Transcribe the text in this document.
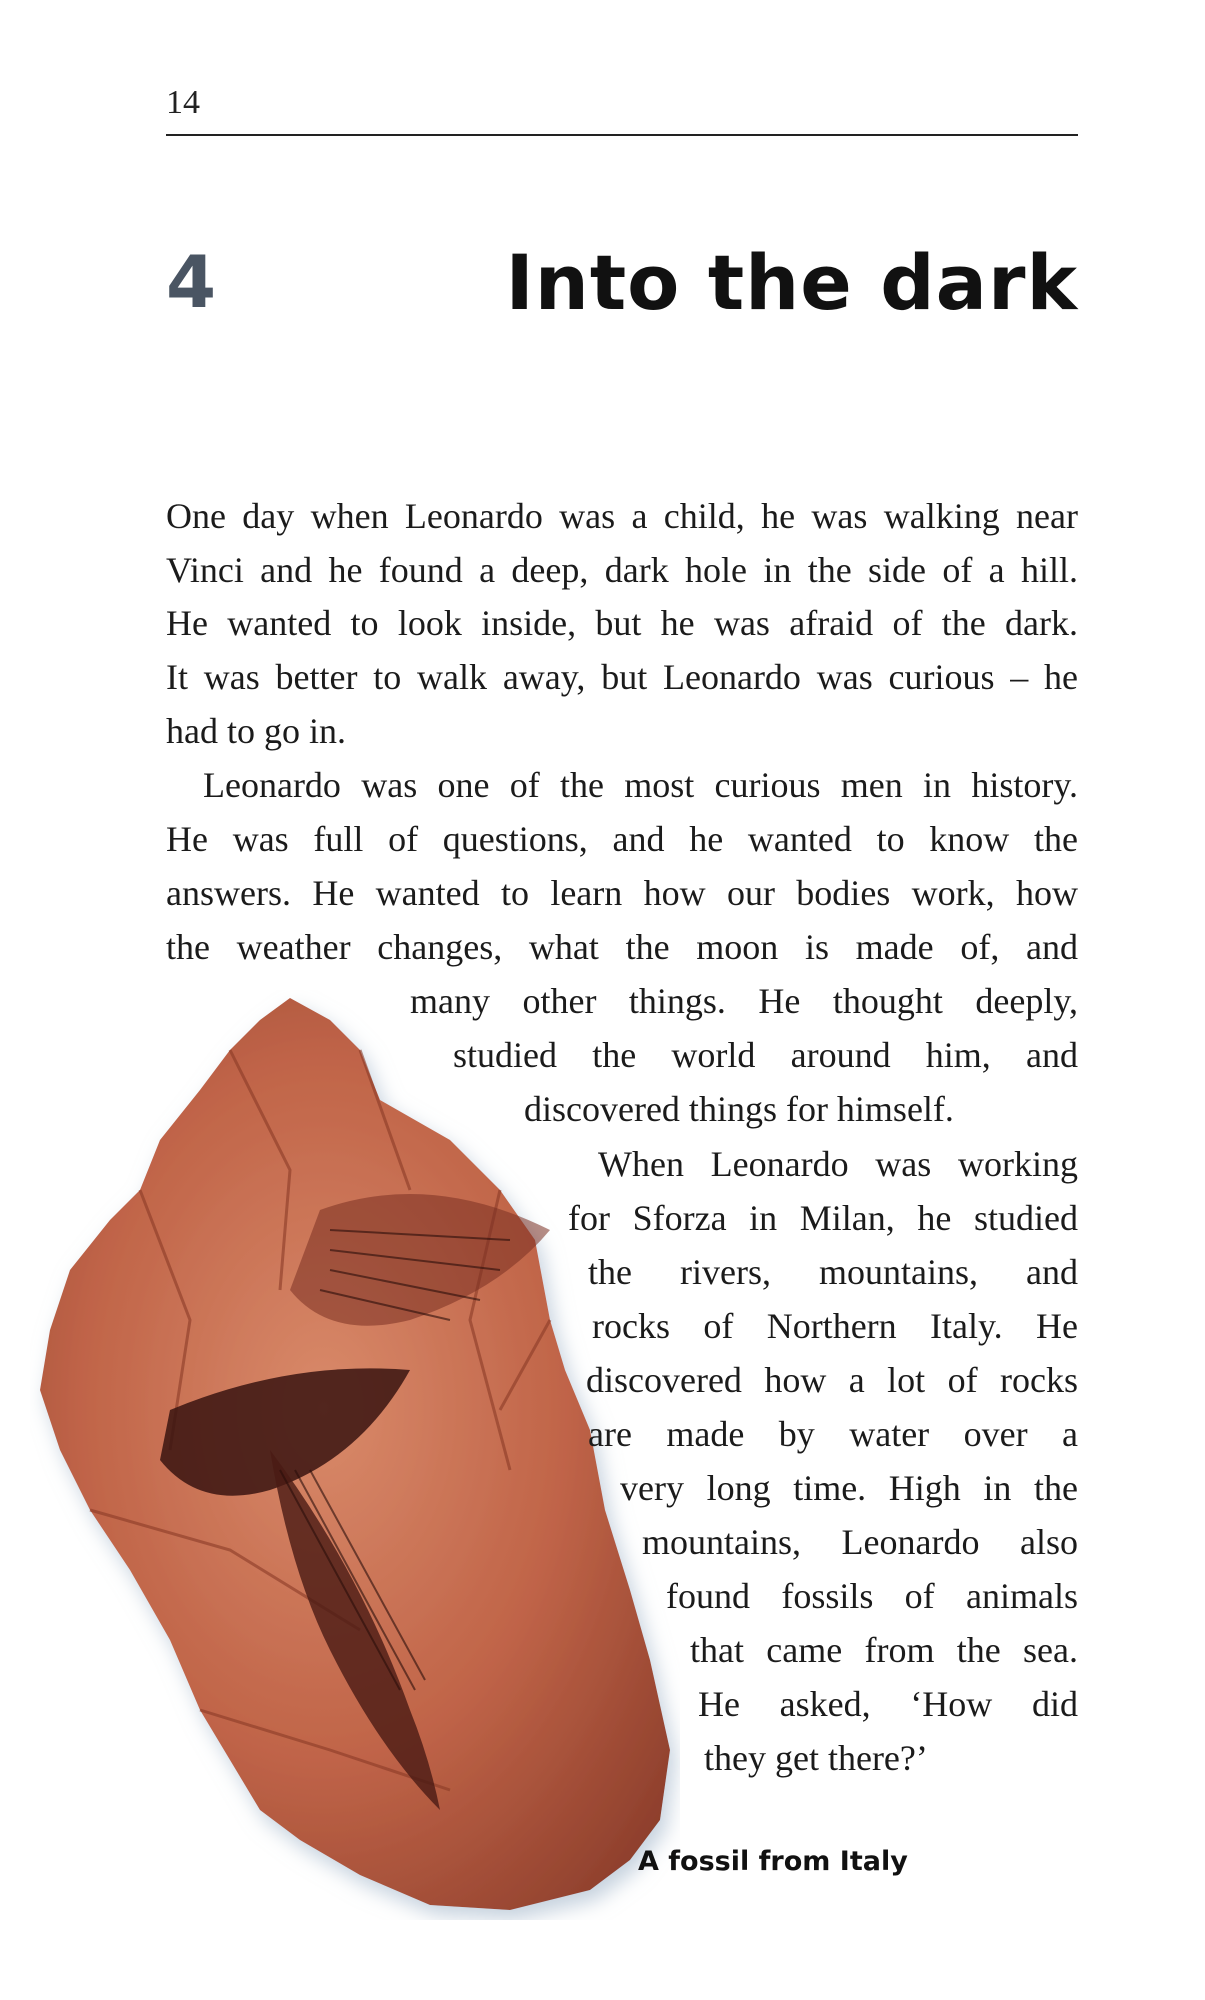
14
4	Into the dark
One day when Leonardo was a child, he was walking near
Vinci and he found a deep, dark hole in the side of a hill.
He wanted to look inside, but he was afraid of the dark.
It was better to walk away, but Leonardo was curious – he
had to go in.
Leonardo was one of the most curious men in history.
He was full of questions, and he wanted to know the
answers. He wanted to learn how our bodies work, how
the weather changes, what the moon is made of, and
many other things. He thought deeply,
studied the world around him, and
discovered things for himself.
When Leonardo was working
for Sforza in Milan, he studied
the rivers, mountains, and
rocks of Northern Italy. He
discovered how a lot of rocks
are made by water over a
very long time. High in the
mountains, Leonardo also
found fossils of animals
that came from the sea.
He asked, ‘How did
they get there?’
A fossil from Italy
